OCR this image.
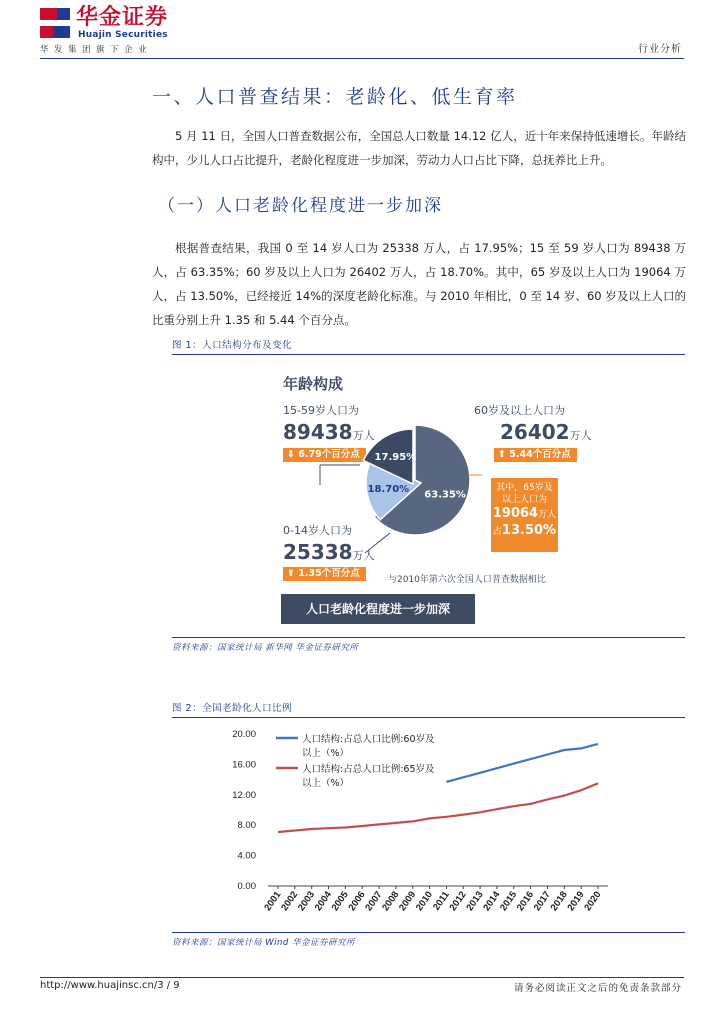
华金证券
Huajin Securities
华发集团旗下企业	行业分析
一、人口普查结果：老龄化、低生育率
5 月 11 日，全国人口普查数据公布，全国总人口数量 14.12 亿人，近十年来保持低速增长。年龄结构中，少儿人口占比提升，老龄化程度进一步加深，劳动力人口占比下降，总抚养比上升。
（一）人口老龄化程度进一步加深
根据普查结果，我国 0 至 14 岁人口为 25338 万人，占 17.95%；15 至 59 岁人口为 89438 万人，占 63.35%；60 岁及以上人口为 26402 万人，占 18.70%。其中，65 岁及以上人口为 19064 万人，占 13.50%，已经接近 14%的深度老龄化标准。与 2010 年相比，0 至 14 岁、60 岁及以上人口的比重分别上升 1.35 和 5.44 个百分点。
图 1：人口结构分布及变化
年龄构成
15-59岁人口为
89438万人
⬇ 6.79个百分点
60岁及以上人口为
26402万人
⬆ 5.44个百分点
0-14岁人口为
25338万人
⬆ 1.35个百分点
63.35%
18.70%
17.95%
其中，65岁及
以上人口为
19064万人
占13.50%
与2010年第六次全国人口普查数据相比
人口老龄化程度进一步加深
资料来源：国家统计局 新华网 华金证券研究所
图 2：全国老龄化人口比例
0.00
4.00
8.00
12.00
16.00
20.00
2001
2002
2003
2004
2005
2006
2007
2008
2009
2010
2011
2012
2013
2014
2015
2016
2017
2018
2019
2020
人口结构:占总人口比例:60岁及
以上（%）
人口结构:占总人口比例:65岁及
以上（%）
资料来源：国家统计局 Wind 华金证券研究所
http://www.huajinsc.cn/3 / 9	请务必阅读正文之后的免责条款部分
